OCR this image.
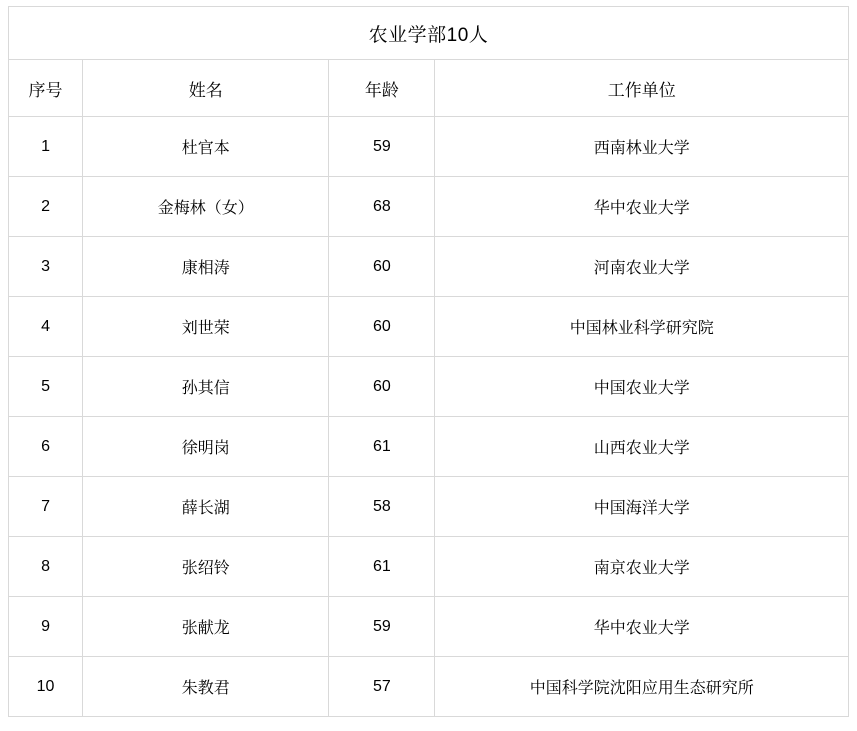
农业学部10人			
序号	姓名	年龄	工作单位
1	杜官本	59	西南林业大学
2	金梅林（女）	68	华中农业大学
3	康相涛	60	河南农业大学
4	刘世荣	60	中国林业科学研究院
5	孙其信	60	中国农业大学
6	徐明岗	61	山西农业大学
7	薛长湖	58	中国海洋大学
8	张绍铃	61	南京农业大学
9	张献龙	59	华中农业大学
10	朱教君	57	中国科学院沈阳应用生态研究所
